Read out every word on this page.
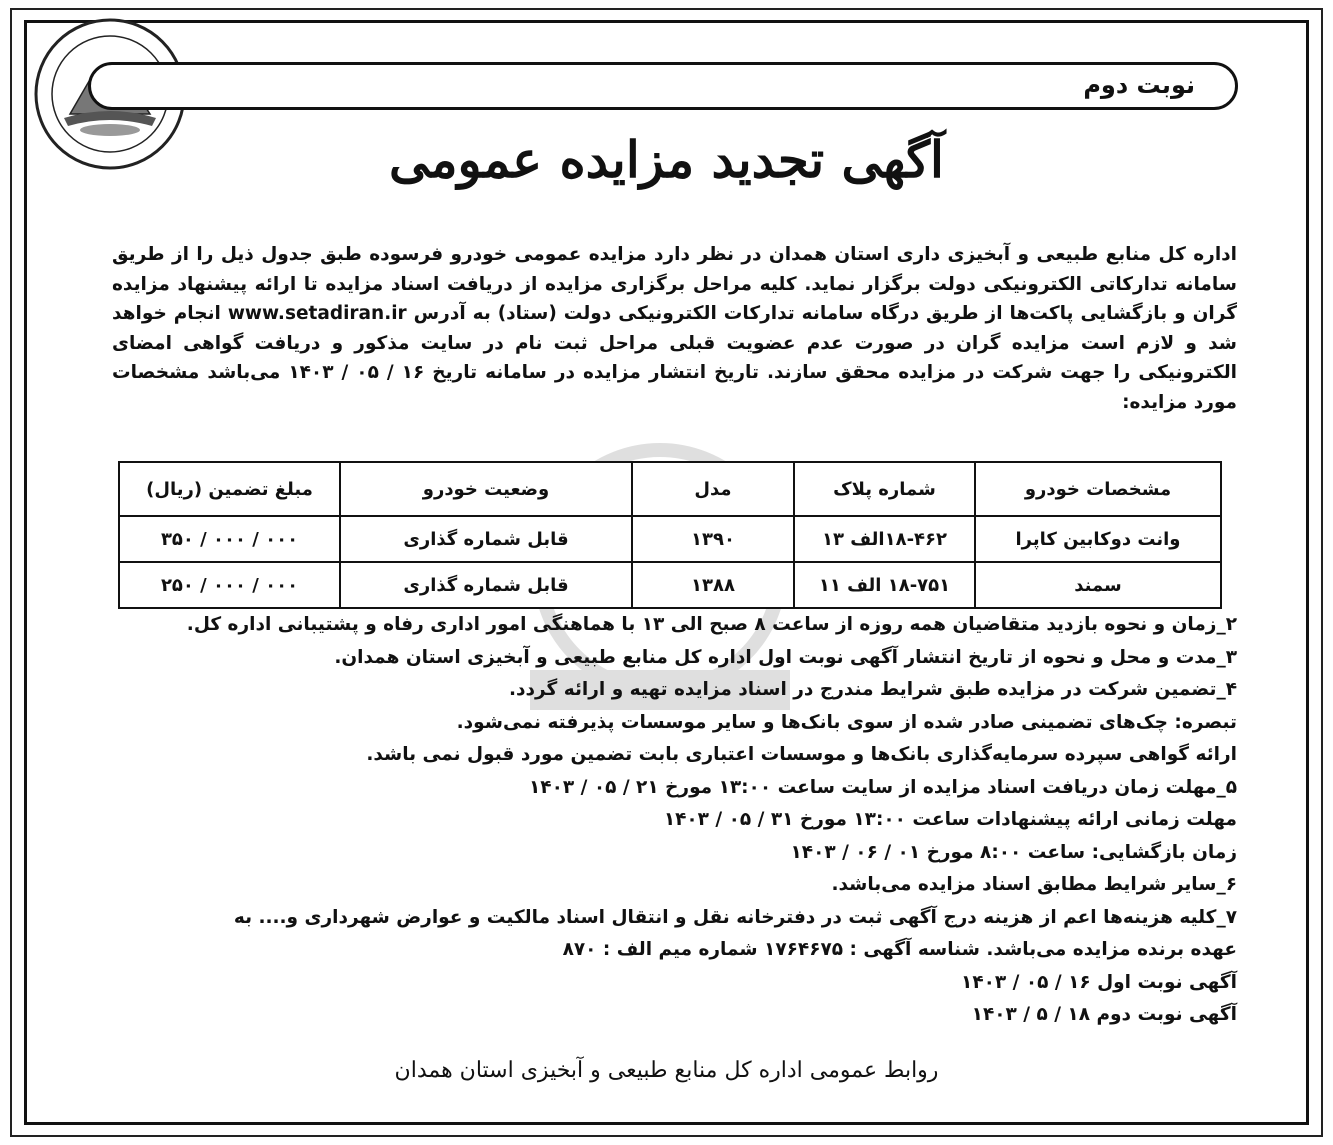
نوبت دوم
آگهی تجدید مزایده عمومی

اداره کل منابع طبیعی و آبخیزی داری استان همدان در نظر دارد مزایده عمومی خودرو فرسوده طبق جدول ذیل را از طریق سامانه تدارکاتی الکترونیکی دولت برگزار نماید. کلیه مراحل برگزاری مزایده از دریافت اسناد مزایده تا ارائه پیشنهاد مزایده گران و بازگشایی پاکت‌ها از طریق درگاه سامانه تدارکات الکترونیکی دولت (ستاد) به آدرس www.setadiran.ir انجام خواهد شد و لازم است مزایده گران در صورت عدم عضویت قبلی مراحل ثبت نام در سایت مذکور و دریافت گواهی امضای الکترونیکی را جهت شرکت در مزایده محقق سازند. تاریخ انتشار مزایده در سامانه تاریخ ۱۶ / ۰۵ / ۱۴۰۳ می‌باشد مشخصات مورد مزایده:

مشخصات خودرو	شماره پلاک	مدل	وضعیت خودرو	مبلغ تضمین (ریال)
وانت دوکابین کاپرا	۱۸-۴۶۲الف ۱۳	۱۳۹۰	قابل شماره گذاری	۰۰۰ / ۰۰۰ / ۳۵۰
سمند	۱۸-۷۵۱ الف ۱۱	۱۳۸۸	قابل شماره گذاری	۰۰۰ / ۰۰۰ / ۲۵۰

۲_زمان و نحوه بازدید متقاضیان همه روزه از ساعت ۸ صبح الی ۱۳ با هماهنگی امور اداری رفاه و پشتیبانی اداره کل.

۳_مدت و محل و نحوه از تاریخ انتشار آگهی نوبت اول اداره کل منابع طبیعی و آبخیزی استان همدان.

۴_تضمین شرکت در مزایده طبق شرایط مندرج در اسناد مزایده تهیه و ارائه گردد.

تبصره: چک‌های تضمینی صادر شده از سوی بانک‌ها و سایر موسسات پذیرفته نمی‌شود.

ارائه گواهی سپرده سرمایه‌گذاری بانک‌ها و موسسات اعتباری بابت تضمین مورد قبول نمی باشد.

۵_مهلت زمان دریافت اسناد مزایده از سایت ساعت ۱۳:۰۰ مورخ ۲۱ / ۰۵ / ۱۴۰۳

مهلت زمانی ارائه پیشنهادات ساعت ۱۳:۰۰ مورخ ۳۱ / ۰۵ / ۱۴۰۳

زمان بازگشایی: ساعت ۸:۰۰ مورخ ۰۱ / ۰۶ / ۱۴۰۳

۶_سایر شرایط مطابق اسناد مزایده می‌باشد.

۷_کلیه هزینه‌ها اعم از هزینه درج آگهی ثبت در دفترخانه نقل و انتقال اسناد مالکیت و عوارض شهرداری و.... به

عهده برنده مزایده می‌باشد. شناسه آگهی : ۱۷۶۴۶۷۵ شماره میم الف : ۸۷۰

آگهی نوبت اول ۱۶ / ۰۵ / ۱۴۰۳

آگهی نوبت دوم ۱۸ / ۵ / ۱۴۰۳

روابط عمومی اداره کل منابع طبیعی و آبخیزی استان همدان
